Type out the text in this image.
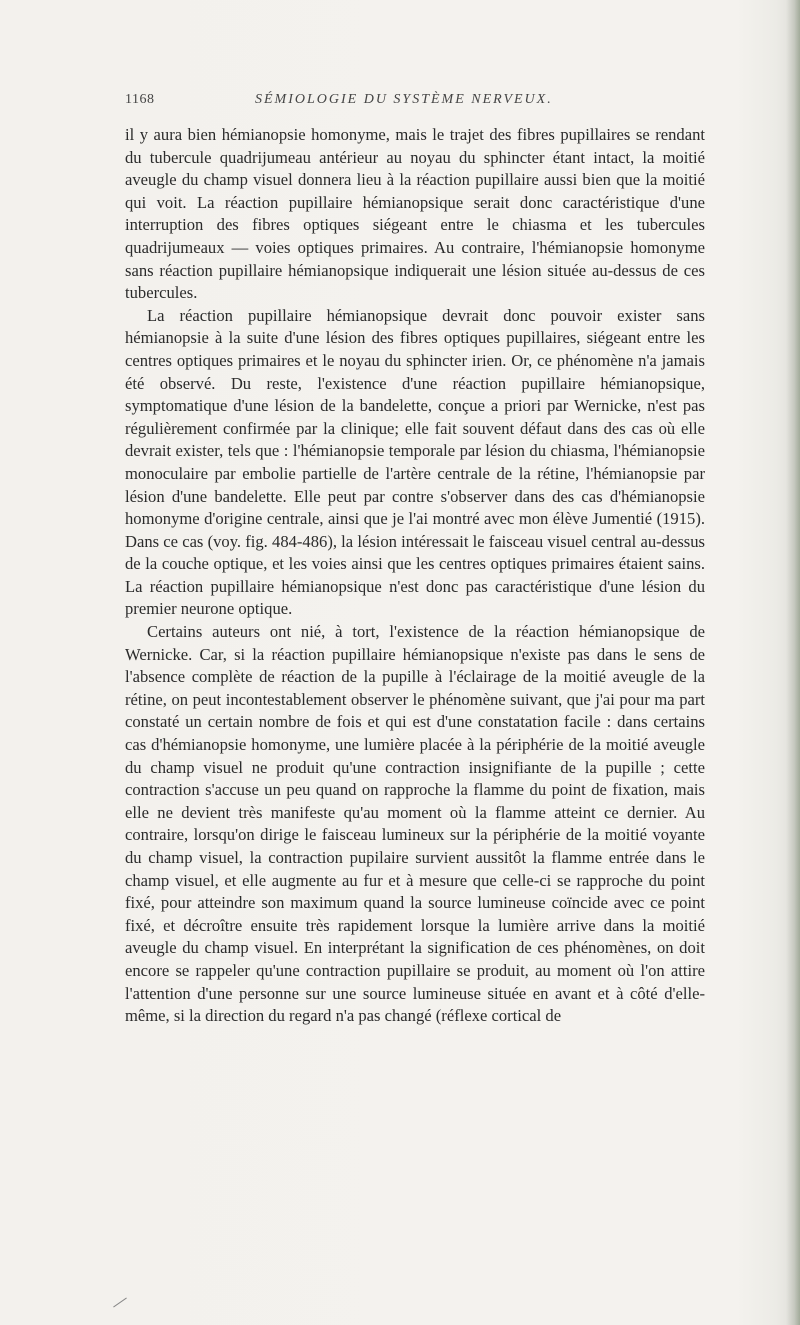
1168	SÉMIOLOGIE DU SYSTÈME NERVEUX.

il y aura bien hémianopsie homonyme, mais le trajet des fibres pupillaires se rendant du tubercule quadrijumeau antérieur au noyau du sphincter étant intact, la moitié aveugle du champ visuel donnera lieu à la réaction pupillaire aussi bien que la moitié qui voit. La réaction pupillaire hémianopsique serait donc caractéristique d'une interruption des fibres optiques siégeant entre le chiasma et les tubercules quadrijumeaux — voies optiques primaires. Au contraire, l'hémianopsie homonyme sans réaction pupillaire hémianopsique indiquerait une lésion située au-dessus de ces tubercules.

La réaction pupillaire hémianopsique devrait donc pouvoir exister sans hémianopsie à la suite d'une lésion des fibres optiques pupillaires, siégeant entre les centres optiques primaires et le noyau du sphincter irien. Or, ce phénomène n'a jamais été observé. Du reste, l'existence d'une réaction pupillaire hémianopsique, symptomatique d'une lésion de la bandelette, conçue a priori par Wernicke, n'est pas régulièrement confirmée par la clinique; elle fait souvent défaut dans des cas où elle devrait exister, tels que : l'hémianopsie temporale par lésion du chiasma, l'hémianopsie monoculaire par embolie partielle de l'artère centrale de la rétine, l'hémianopsie par lésion d'une bandelette. Elle peut par contre s'observer dans des cas d'hémianopsie homonyme d'origine centrale, ainsi que je l'ai montré avec mon élève Jumentié (1915). Dans ce cas (voy. fig. 484-486), la lésion intéressait le faisceau visuel central au-dessus de la couche optique, et les voies ainsi que les centres optiques primaires étaient sains. La réaction pupillaire hémianopsique n'est donc pas caractéristique d'une lésion du premier neurone optique.

Certains auteurs ont nié, à tort, l'existence de la réaction hémianopsique de Wernicke. Car, si la réaction pupillaire hémianopsique n'existe pas dans le sens de l'absence complète de réaction de la pupille à l'éclairage de la moitié aveugle de la rétine, on peut incontestablement observer le phénomène suivant, que j'ai pour ma part constaté un certain nombre de fois et qui est d'une constatation facile : dans certains cas d'hémianopsie homonyme, une lumière placée à la périphérie de la moitié aveugle du champ visuel ne produit qu'une contraction insignifiante de la pupille ; cette contraction s'accuse un peu quand on rapproche la flamme du point de fixation, mais elle ne devient très manifeste qu'au moment où la flamme atteint ce dernier. Au contraire, lorsqu'on dirige le faisceau lumineux sur la périphérie de la moitié voyante du champ visuel, la contraction pupilaire survient aussitôt la flamme entrée dans le champ visuel, et elle augmente au fur et à mesure que celle-ci se rapproche du point fixé, pour atteindre son maximum quand la source lumineuse coïncide avec ce point fixé, et décroître ensuite très rapidement lorsque la lumière arrive dans la moitié aveugle du champ visuel. En interprétant la signification de ces phénomènes, on doit encore se rappeler qu'une contraction pupillaire se produit, au moment où l'on attire l'attention d'une personne sur une source lumineuse située en avant et à côté d'elle-même, si la direction du regard n'a pas changé (réflexe cortical de
